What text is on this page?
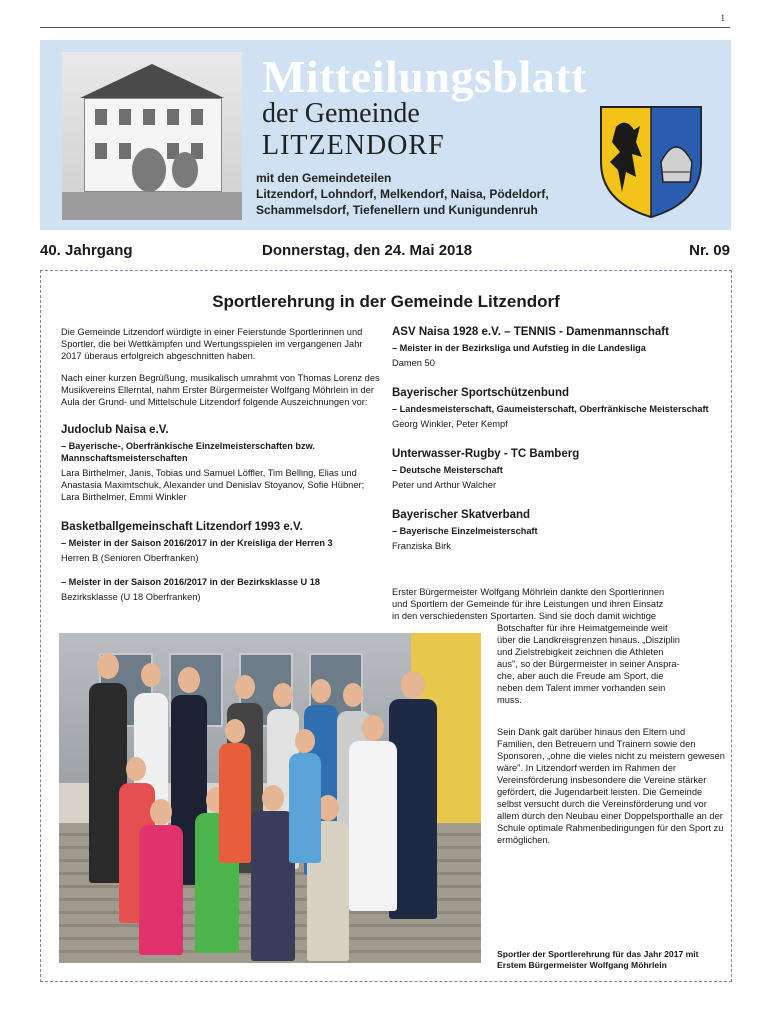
1
Mitteilungsblatt
der Gemeinde
LITZENDORF
mit den Gemeindeteilen
Litzendorf, Lohndorf, Melkendorf, Naisa, Pödeldorf,
Schammelsdorf, Tiefenellern und Kunigundenruh
40. Jahrgang	Donnerstag, den 24. Mai 2018	Nr. 09
Sportlerehrung in der Gemeinde Litzendorf

Die Gemeinde Litzendorf würdigte in einer Feierstunde Sportlerinnen und Sportler, die bei Wettkämpfen und Wertungsspielen im vergangenen Jahr 2017 überaus erfolgreich abgeschnitten haben.

Nach einer kurzen Begrüßung, musikalisch umrahmt von Thomas Lorenz des Musikvereins Ellerntal, nahm Erster Bürgermeister Wolfgang Möhrlein in der Aula der Grund- und Mittelschule Litzendorf folgende Auszeichnungen vor:

Judoclub Naisa e.V.
– Bayerische-, Oberfränkische Einzelmeisterschaften bzw. Mannschaftsmeisterschaften
Lara Birthelmer, Janis, Tobias und Samuel Löffler, Tim Belling, Elias und Anastasia Maximtschuk, Alexander und Denislav Stoyanov, Sofie Hübner; Lara Birthelmer, Emmi Winkler
Basketballgemeinschaft Litzendorf 1993 e.V.
– Meister in der Saison 2016/2017 in der Kreisliga der Herren 3
Herren B (Senioren Oberfranken)
– Meister in der Saison 2016/2017 in der Bezirksklasse U 18
Bezirksklasse (U 18 Oberfranken)
ASV Naisa 1928 e.V. – TENNIS - Damenmannschaft
– Meister in der Bezirksliga und Aufstieg in die Landesliga
Damen 50
Bayerischer Sportschützenbund
– Landesmeisterschaft, Gaumeisterschaft, Oberfränkische Meisterschaft
Georg Winkler, Peter Kempf
Unterwasser-Rugby - TC Bamberg
– Deutsche Meisterschaft
Peter und Arthur Walcher
Bayerischer Skatverband
– Bayerische Einzelmeisterschaft
Franziska Birk
Erster Bürgermeister Wolfgang Möhrlein dankte den Sportlerinnen
und Sportlern der Gemeinde für ihre Leistungen und ihren Einsatz
in den verschiedensten Sportarten. Sind sie doch damit wichtige
Botschafter für ihre Heimatgemeinde weit
über die Landkreisgrenzen hinaus. „Disziplin
und Zielstrebigkeit zeichnen die Athleten
aus", so der Bürgermeister in seiner Anspra-
che, aber auch die Freude am Sport, die
neben dem Talent immer vorhanden sein
muss.
Sein Dank galt darüber hinaus den Eltern und Familien, den Betreuern und Trainern sowie den Sponsoren, „ohne die vieles nicht zu meistern gewesen wäre". In Litzendorf werden im Rahmen der Vereinsförderung insbesondere die Vereine stärker gefördert, die Jugendarbeit leisten. Die Gemeinde selbst versucht durch die Vereinsförderung und vor allem durch den Neubau einer Doppelsporthalle an der Schule optimale Rahmenbedingungen für den Sport zu ermöglichen.
Sportler der Sportlerehrung für das Jahr 2017 mit Erstem Bürgermeister Wolfgang Möhrlein
